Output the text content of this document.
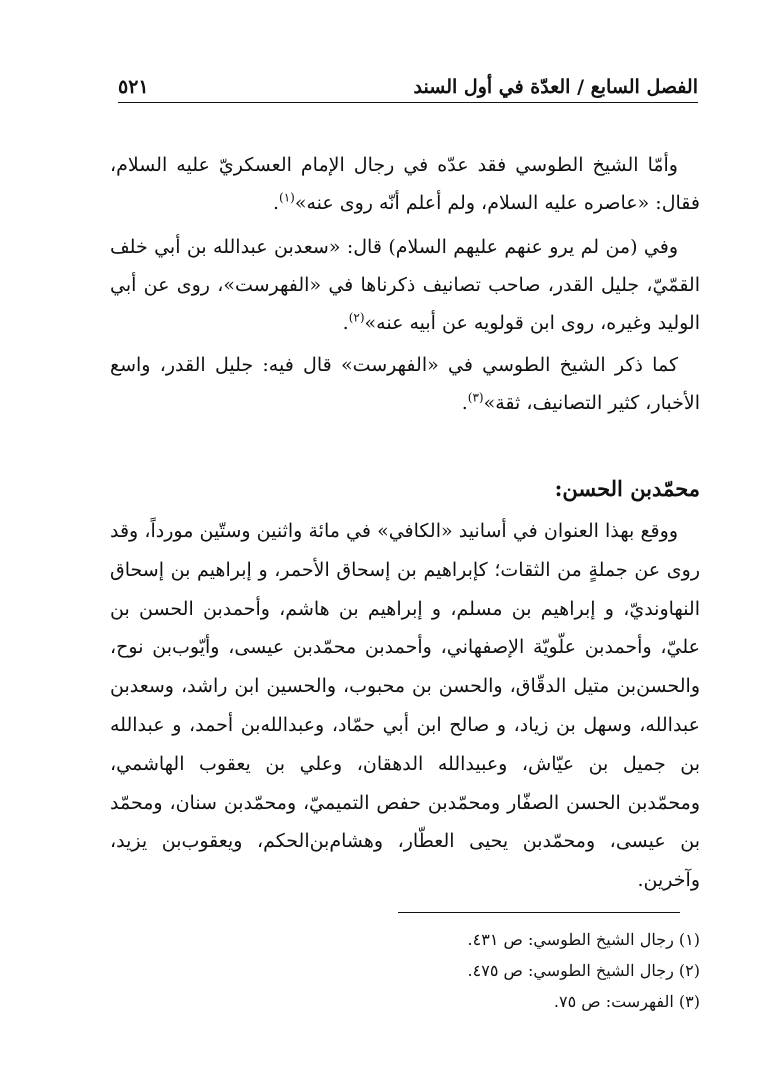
الفصل السابع / العدّة في أول السند
٥٢١
وأمّا الشيخ الطوسي فقد عدّه في رجال الإمام العسكريّ عليه السلام، فقال: «عاصره عليه السلام، ولم أعلم أنّه روى عنه»$^{(١)}$.
وفي (من لم يرو عنهم عليهم السلام) قال: «سعدبن عبدالله بن أبي خلف القمّيّ، جليل القدر، صاحب تصانيف ذكرناها في «الفهرست»، روى عن أبي الوليد وغيره، روى ابن قولويه عن أبيه عنه»$^{(٢)}$.
كما ذكر الشيخ الطوسي في «الفهرست» قال فيه: جليل القدر، واسع الأخبار، كثير التصانيف، ثقة»$^{(٣)}$.
محمّدبن الحسن:
ووقع بهذا العنوان في أسانيد «الكافي» في مائة واثنين وستّين مورداً، وقد روى عن جملةٍ من الثقات؛ كإبراهيم بن إسحاق الأحمر، و إبراهيم بن إسحاق النهاونديّ، و إبراهيم بن مسلم، و إبراهيم بن هاشم، وأحمدبن الحسن بن عليّ، وأحمدبن علّويّة الإصفهاني، وأحمدبن محمّدبن عيسى، وأيّوب‌بن نوح، والحسن‌بن متيل الدقّاق، والحسن بن محبوب، والحسين ابن راشد، وسعدبن عبدالله، وسهل بن زياد، و صالح ابن أبي حمّاد، وعبدالله‌بن أحمد، و عبدالله بن جميل بن عيّاش، وعبيدالله الدهقان، وعلي بن يعقوب الهاشمي، ومحمّدبن الحسن الصفّار ومحمّدبن حفص التميميّ، ومحمّدبن سنان، ومحمّد بن عيسى، ومحمّدبن يحيى العطّار، وهشام‌بن‌الحكم، ويعقوب‌بن يزيد، وآخرين.
(١) رجال الشيخ الطوسي: ص ٤٣١.
(٢) رجال الشيخ الطوسي: ص ٤٧٥.
(٣) الفهرست: ص ٧٥.
